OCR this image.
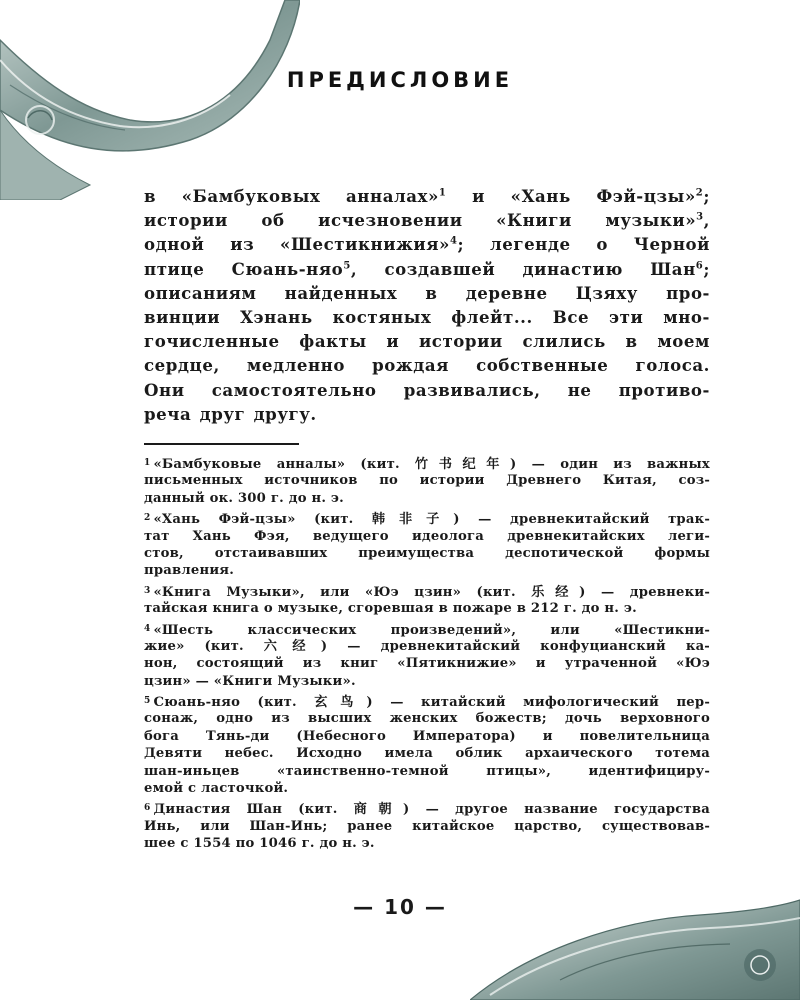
ПРЕДИСЛОВИЕ
в «Бамбуковых анналах»$^1$ и «Хань Фэй-цзы»$^2$;
истории об исчезновении «Книги музыки»$^3$,
одной из «Шестикнижия»$^4$; легенде о Черной
птице Сюань-няо$^5$, создавшей династию Шан$^6$;
описаниям найденных в деревне Цзяху про-
винции Хэнань костяных флейт... Все эти мно-
гочисленные факты и истории слились в моем
сердце, медленно рождая собственные голоса.
Они самостоятельно развивались, не противо-
реча друг другу.
$^1$ «Бамбуковые анналы» (кит. 竹书纪年) — один из важных
письменных источников по истории Древнего Китая, соз-
данный ок. 300 г. до н. э.
$^2$ «Хань Фэй-цзы» (кит. 韩非子) — древнекитайский трак-
тат Хань Фэя, ведущего идеолога древнекитайских леги-
стов, отстаивавших преимущества деспотической формы
правления.
$^3$ «Книга Музыки», или «Юэ цзин» (кит. 乐经) — древнеки-
тайская книга о музыке, сгоревшая в пожаре в 212 г. до н. э.
$^4$ «Шесть классических произведений», или «Шестикни-
жие» (кит. 六经) — древнекитайский конфуцианский ка-
нон, состоящий из книг «Пятикнижие» и утраченной «Юэ
цзин» — «Книги Музыки».
$^5$ Сюань-няо (кит. 玄鸟) — китайский мифологический пер-
сонаж, одно из высших женских божеств; дочь верховного
бога Тянь-ди (Небесного Императора) и повелительница
Девяти небес. Исходно имела облик архаического тотема
шан-иньцев «таинственно-темной птицы», идентифициру-
емой с ласточкой.
$^6$ Династия Шан (кит. 商朝) — другое название государства
Инь, или Шан-Инь; ранее китайское царство, существовав-
шее с 1554 по 1046 г. до н. э.
— 10 —
